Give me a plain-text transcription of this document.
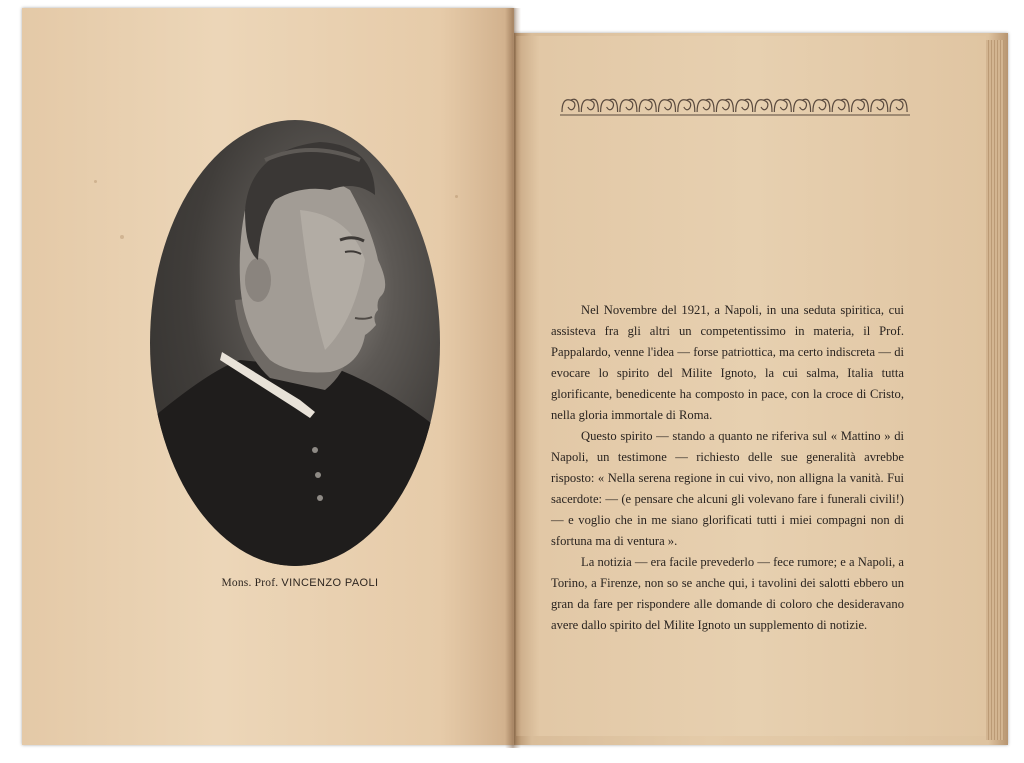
Mons. Prof. VINCENZO PAOLI

Nel Novembre del 1921, a Napoli, in una seduta spiritica, cui assisteva fra gli altri un competentissimo in materia, il Prof. Pappalardo, venne l'idea — forse patriottica, ma certo indiscreta — di evocare lo spirito del Milite Ignoto, la cui salma, Italia tutta glorificante, benedicente ha composto in pace, con la croce di Cristo, nella gloria immortale di Roma.

Questo spirito — stando a quanto ne riferiva sul « Mattino » di Napoli, un testimone — richiesto delle sue generalità avrebbe risposto: « Nella serena regione in cui vivo, non alligna la vanità. Fui sacerdote: — (e pensare che alcuni gli volevano fare i funerali civili!) — e voglio che in me siano glorificati tutti i miei compagni non di sfortuna ma di ventura ».

La notizia — era facile prevederlo — fece rumore; e a Napoli, a Torino, a Firenze, non so se anche qui, i tavolini dei salotti ebbero un gran da fare per rispondere alle domande di coloro che desideravano avere dallo spirito del Milite Ignoto un supplemento di notizie.
